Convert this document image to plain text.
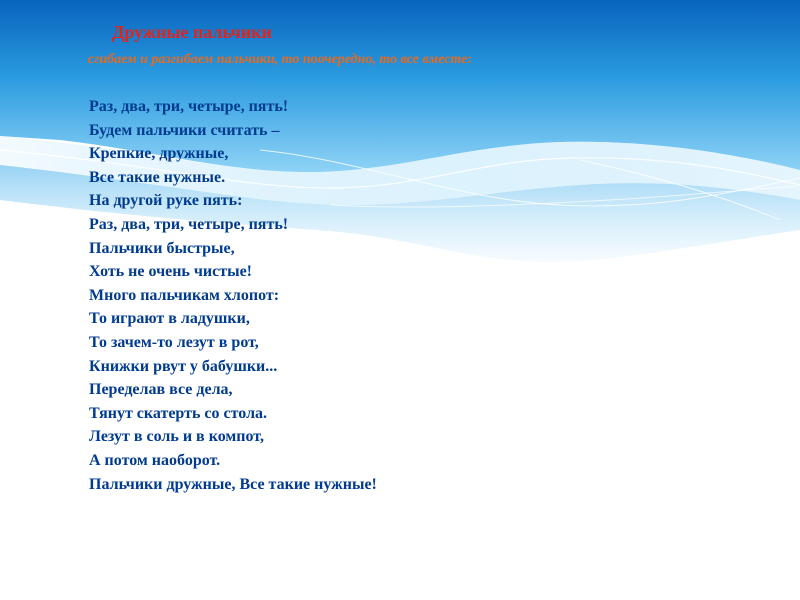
Дружные пальчики

сгибаем и разгибаем пальчики, то поочередно, то все вместе:

Раз, два, три, четыре, пять!
Будем пальчики считать –
Крепкие, дружные,
Все такие нужные.
На другой руке пять:
Раз, два, три, четыре, пять!
Пальчики быстрые,
Хоть не очень чистые!
Много пальчикам хлопот:
То играют в ладушки,
То зачем-то лезут в рот,
Книжки рвут у бабушки...
Переделав все дела,
Тянут скатерть со стола.
Лезут в соль и в компот,
А потом наоборот.
Пальчики дружные, Все такие нужные!
